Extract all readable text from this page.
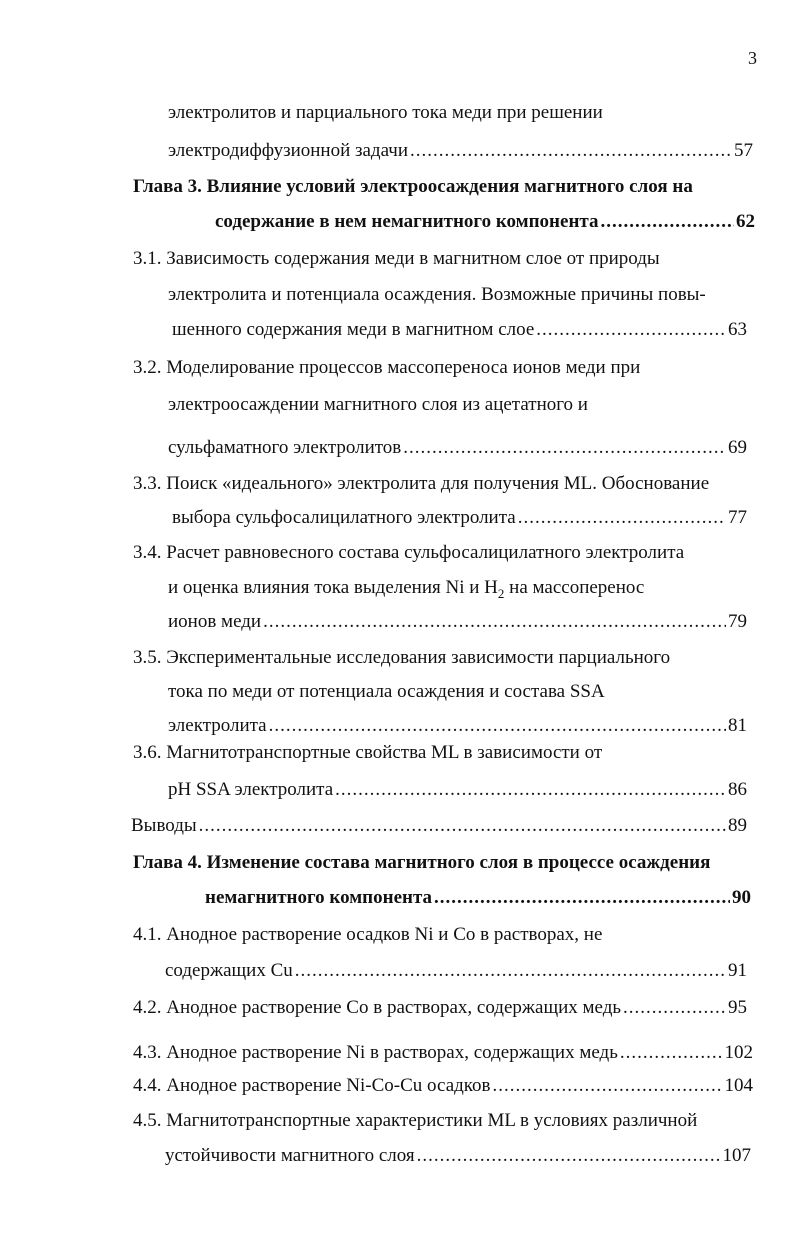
3
электролитов и парциального тока меди при решении
электродиффузионной задачи .....	57
Глава 3. Влияние условий электроосаждения магнитного слоя на
содержание в нем немагнитного компонента .....	62
3.1. Зависимость содержания меди в магнитном слое от природы
электролита и потенциала осаждения. Возможные причины повы-
шенного содержания меди в магнитном слое .....	63
3.2. Моделирование процессов массопереноса ионов меди при
электроосаждении магнитного слоя из ацетатного и
сульфаматного электролитов .....	69
3.3. Поиск «идеального» электролита для получения ML. Обоснование
выбора сульфосалицилатного электролита .....	77
3.4. Расчет равновесного состава сульфосалицилатного электролита
и оценка влияния тока выделения Ni и $H_2$ на массоперенос
ионов меди .....	79
3.5. Экспериментальные исследования зависимости парциального
тока по меди от потенциала осаждения и состава SSA
электролита .....	81
3.6. Магнитотранспортные свойства ML в зависимости от
pH SSA электролита .....	86
Выводы .....	89
Глава 4. Изменение состава магнитного слоя в процессе осаждения
немагнитного компонента .....	90
4.1. Анодное растворение осадков Ni и Co в растворах, не
содержащих Cu .....	91
4.2. Анодное растворение Co в растворах, содержащих медь .....	95
4.3. Анодное растворение Ni в растворах, содержащих медь .....	102
4.4. Анодное растворение Ni-Co-Cu осадков .....	104
4.5. Магнитотранспортные характеристики ML в условиях различной
устойчивости магнитного слоя .....	107
